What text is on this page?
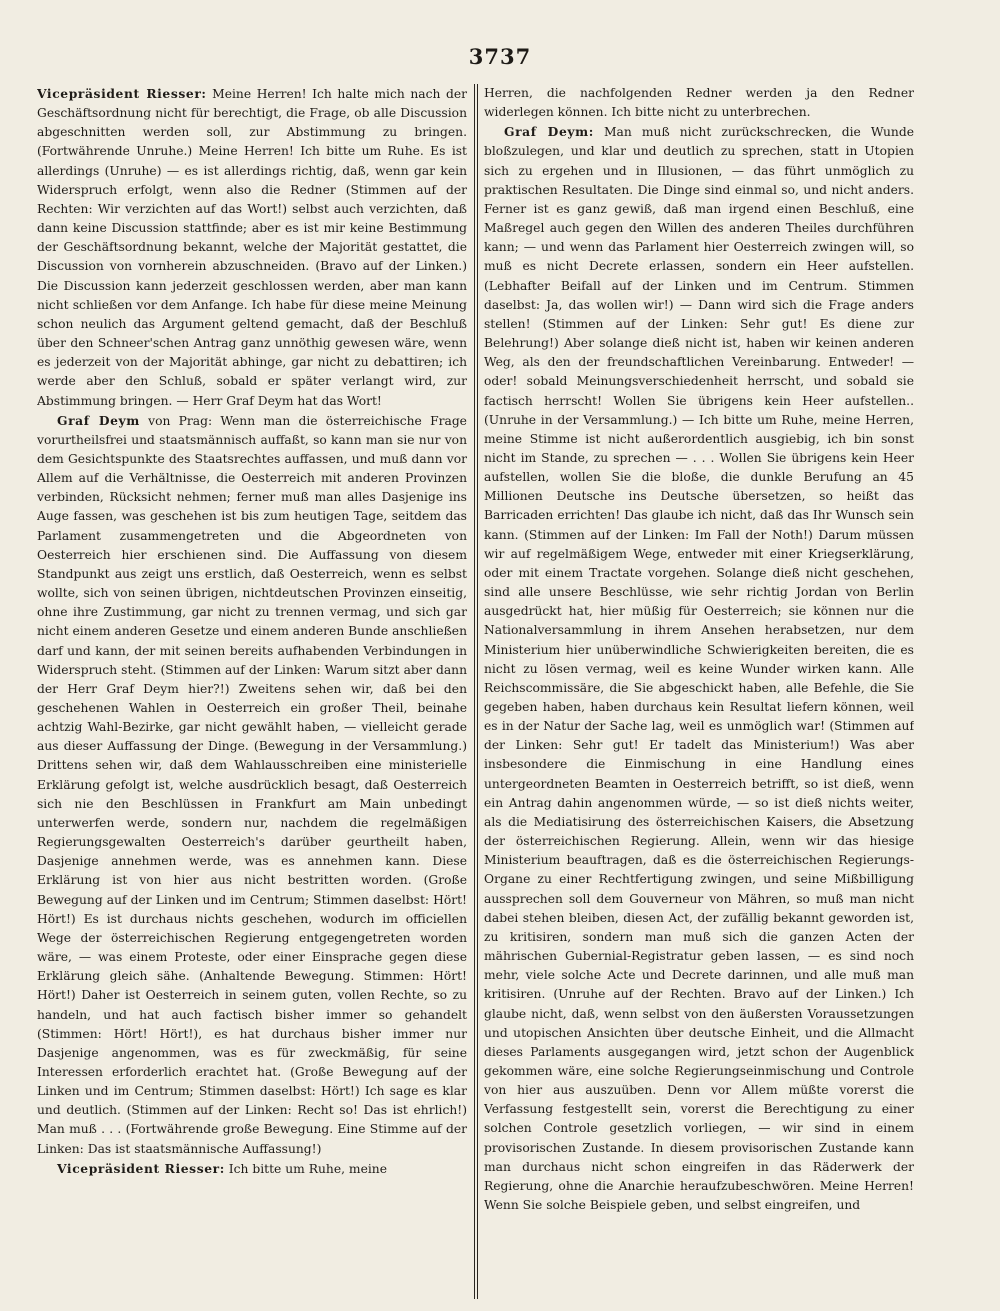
3737

Vicepräsident Riesser: Meine Herren! Ich halte mich nach der Geschäftsordnung nicht für berechtigt, die Frage, ob alle Discussion abgeschnitten werden soll, zur Abstimmung zu bringen. (Fortwährende Unruhe.) Meine Herren! Ich bitte um Ruhe. Es ist allerdings (Unruhe) — es ist allerdings richtig, daß, wenn gar kein Widerspruch erfolgt, wenn also die Redner (Stimmen auf der Rechten: Wir verzichten auf das Wort!) selbst auch verzichten, daß dann keine Discussion stattfinde; aber es ist mir keine Bestimmung der Geschäftsordnung bekannt, welche der Majorität gestattet, die Discussion von vornherein abzuschneiden. (Bravo auf der Linken.) Die Discussion kann jederzeit geschlossen werden, aber man kann nicht schließen vor dem Anfange. Ich habe für diese meine Meinung schon neulich das Argument geltend gemacht, daß der Beschluß über den Schneer'schen Antrag ganz unnöthig gewesen wäre, wenn es jederzeit von der Majorität abhinge, gar nicht zu debattiren; ich werde aber den Schluß, sobald er später verlangt wird, zur Abstimmung bringen. — Herr Graf Deym hat das Wort!

Graf Deym von Prag: Wenn man die österreichische Frage vorurtheilsfrei und staatsmännisch auffaßt, so kann man sie nur von dem Gesichtspunkte des Staatsrechtes auffassen, und muß dann vor Allem auf die Verhältnisse, die Oesterreich mit anderen Provinzen verbinden, Rücksicht nehmen; ferner muß man alles Dasjenige ins Auge fassen, was geschehen ist bis zum heutigen Tage, seitdem das Parlament zusammengetreten und die Abgeordneten von Oesterreich hier erschienen sind. Die Auffassung von diesem Standpunkt aus zeigt uns erstlich, daß Oesterreich, wenn es selbst wollte, sich von seinen übrigen, nichtdeutschen Provinzen einseitig, ohne ihre Zustimmung, gar nicht zu trennen vermag, und sich gar nicht einem anderen Gesetze und einem anderen Bunde anschließen darf und kann, der mit seinen bereits aufhabenden Verbindungen in Widerspruch steht. (Stimmen auf der Linken: Warum sitzt aber dann der Herr Graf Deym hier?!) Zweitens sehen wir, daß bei den geschehenen Wahlen in Oesterreich ein großer Theil, beinahe achtzig Wahl-Bezirke, gar nicht gewählt haben, — vielleicht gerade aus dieser Auffassung der Dinge. (Bewegung in der Versammlung.) Drittens sehen wir, daß dem Wahlausschreiben eine ministerielle Erklärung gefolgt ist, welche ausdrücklich besagt, daß Oesterreich sich nie den Beschlüssen in Frankfurt am Main unbedingt unterwerfen werde, sondern nur, nachdem die regelmäßigen Regierungsgewalten Oesterreich's darüber geurtheilt haben, Dasjenige annehmen werde, was es annehmen kann. Diese Erklärung ist von hier aus nicht bestritten worden. (Große Bewegung auf der Linken und im Centrum; Stimmen daselbst: Hört! Hört!) Es ist durchaus nichts geschehen, wodurch im officiellen Wege der österreichischen Regierung entgegengetreten worden wäre, — was einem Proteste, oder einer Einsprache gegen diese Erklärung gleich sähe. (Anhaltende Bewegung. Stimmen: Hört! Hört!) Daher ist Oesterreich in seinem guten, vollen Rechte, so zu handeln, und hat auch factisch bisher immer so gehandelt (Stimmen: Hört! Hört!), es hat durchaus bisher immer nur Dasjenige angenommen, was es für zweckmäßig, für seine Interessen erforderlich erachtet hat. (Große Bewegung auf der Linken und im Centrum; Stimmen daselbst: Hört!) Ich sage es klar und deutlich. (Stimmen auf der Linken: Recht so! Das ist ehrlich!) Man muß . . . (Fortwährende große Bewegung. Eine Stimme auf der Linken: Das ist staatsmännische Auffassung!)

Vicepräsident Riesser: Ich bitte um Ruhe, meine

Herren, die nachfolgenden Redner werden ja den Redner widerlegen können. Ich bitte nicht zu unterbrechen.

Graf Deym: Man muß nicht zurückschrecken, die Wunde bloßzulegen, und klar und deutlich zu sprechen, statt in Utopien sich zu ergehen und in Illusionen, — das führt unmöglich zu praktischen Resultaten. Die Dinge sind einmal so, und nicht anders. Ferner ist es ganz gewiß, daß man irgend einen Beschluß, eine Maßregel auch gegen den Willen des anderen Theiles durchführen kann; — und wenn das Parlament hier Oesterreich zwingen will, so muß es nicht Decrete erlassen, sondern ein Heer aufstellen. (Lebhafter Beifall auf der Linken und im Centrum. Stimmen daselbst: Ja, das wollen wir!) — Dann wird sich die Frage anders stellen! (Stimmen auf der Linken: Sehr gut! Es diene zur Belehrung!) Aber solange dieß nicht ist, haben wir keinen anderen Weg, als den der freundschaftlichen Vereinbarung. Entweder! — oder! sobald Meinungsverschiedenheit herrscht, und sobald sie factisch herrscht! Wollen Sie übrigens kein Heer aufstellen.. (Unruhe in der Versammlung.) — Ich bitte um Ruhe, meine Herren, meine Stimme ist nicht außerordentlich ausgiebig, ich bin sonst nicht im Stande, zu sprechen — . . . Wollen Sie übrigens kein Heer aufstellen, wollen Sie die bloße, die dunkle Berufung an 45 Millionen Deutsche ins Deutsche übersetzen, so heißt das Barricaden errichten! Das glaube ich nicht, daß das Ihr Wunsch sein kann. (Stimmen auf der Linken: Im Fall der Noth!) Darum müssen wir auf regelmäßigem Wege, entweder mit einer Kriegserklärung, oder mit einem Tractate vorgehen. Solange dieß nicht geschehen, sind alle unsere Beschlüsse, wie sehr richtig Jordan von Berlin ausgedrückt hat, hier müßig für Oesterreich; sie können nur die Nationalversammlung in ihrem Ansehen herabsetzen, nur dem Ministerium hier unüberwindliche Schwierigkeiten bereiten, die es nicht zu lösen vermag, weil es keine Wunder wirken kann. Alle Reichscommissäre, die Sie abgeschickt haben, alle Befehle, die Sie gegeben haben, haben durchaus kein Resultat liefern können, weil es in der Natur der Sache lag, weil es unmöglich war! (Stimmen auf der Linken: Sehr gut! Er tadelt das Ministerium!) Was aber insbesondere die Einmischung in eine Handlung eines untergeordneten Beamten in Oesterreich betrifft, so ist dieß, wenn ein Antrag dahin angenommen würde, — so ist dieß nichts weiter, als die Mediatisirung des österreichischen Kaisers, die Absetzung der österreichischen Regierung. Allein, wenn wir das hiesige Ministerium beauftragen, daß es die österreichischen Regierungs-Organe zu einer Rechtfertigung zwingen, und seine Mißbilligung aussprechen soll dem Gouverneur von Mähren, so muß man nicht dabei stehen bleiben, diesen Act, der zufällig bekannt geworden ist, zu kritisiren, sondern man muß sich die ganzen Acten der mährischen Gubernial-Registratur geben lassen, — es sind noch mehr, viele solche Acte und Decrete darinnen, und alle muß man kritisiren. (Unruhe auf der Rechten. Bravo auf der Linken.) Ich glaube nicht, daß, wenn selbst von den äußersten Voraussetzungen und utopischen Ansichten über deutsche Einheit, und die Allmacht dieses Parlaments ausgegangen wird, jetzt schon der Augenblick gekommen wäre, eine solche Regierungseinmischung und Controle von hier aus auszuüben. Denn vor Allem müßte vorerst die Verfassung festgestellt sein, vorerst die Berechtigung zu einer solchen Controle gesetzlich vorliegen, — wir sind in einem provisorischen Zustande. In diesem provisorischen Zustande kann man durchaus nicht schon eingreifen in das Räderwerk der Regierung, ohne die Anarchie heraufzubeschwören. Meine Herren! Wenn Sie solche Beispiele geben, und selbst eingreifen, und
